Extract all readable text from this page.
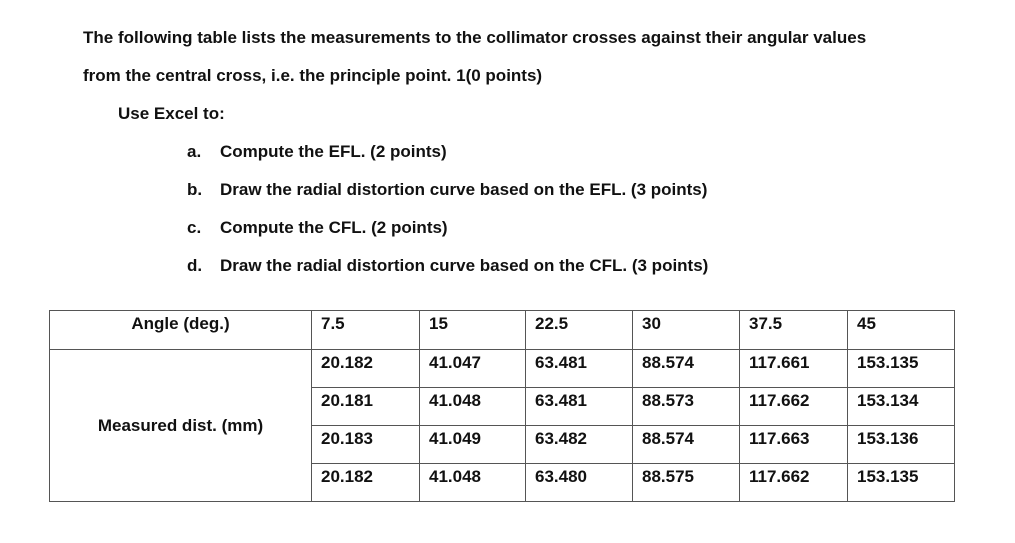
The following table lists the measurements to the collimator crosses against their angular values
from the central cross, i.e. the principle point. 1(0 points)
Use Excel to:
a. Compute the EFL. (2 points)
b. Draw the radial distortion curve based on the EFL. (3 points)
c. Compute the CFL. (2 points)
d. Draw the radial distortion curve based on the CFL. (3 points)
Angle (deg.)	7.5	15	22.5	30	37.5	45
Measured dist. (mm)	20.182	41.047	63.481	88.574	117.661	153.135
	20.181	41.048	63.481	88.573	117.662	153.134
	20.183	41.049	63.482	88.574	117.663	153.136
	20.182	41.048	63.480	88.575	117.662	153.135
